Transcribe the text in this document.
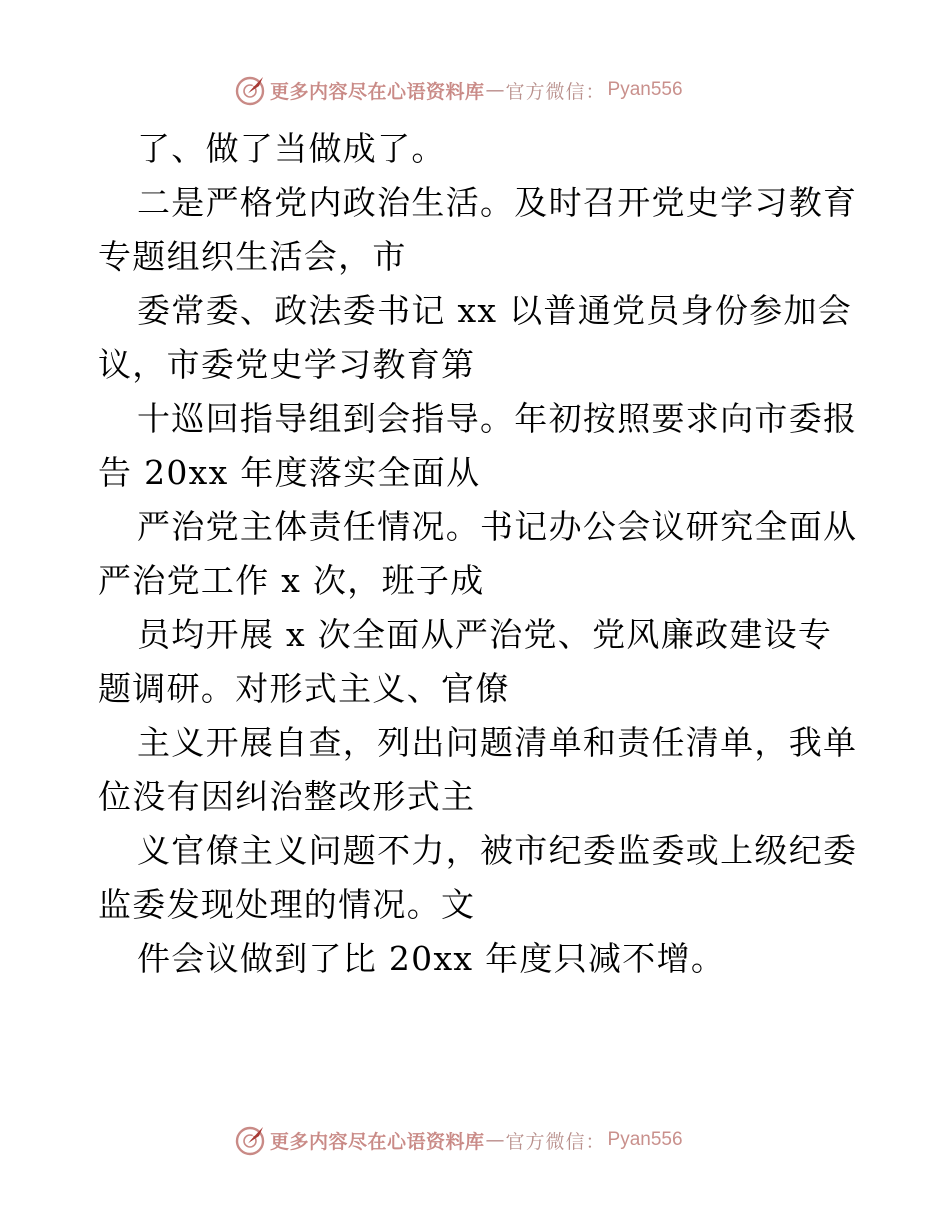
更多内容尽在心语资料库 — 官方微信： Pyan556
了、做了当做成了。
二是严格党内政治生活。及时召开党史学习教育
专题组织生活会，市
委常委、政法委书记 xx 以普通党员身份参加会
议，市委党史学习教育第
十巡回指导组到会指导。年初按照要求向市委报
告 20xx 年度落实全面从
严治党主体责任情况。书记办公会议研究全面从
严治党工作 x 次，班子成
员均开展 x 次全面从严治党、党风廉政建设专
题调研。对形式主义、官僚
主义开展自查，列出问题清单和责任清单，我单
位没有因纠治整改形式主
义官僚主义问题不力，被市纪委监委或上级纪委
监委发现处理的情况。文
件会议做到了比 20xx 年度只减不增。
更多内容尽在心语资料库 — 官方微信： Pyan556
